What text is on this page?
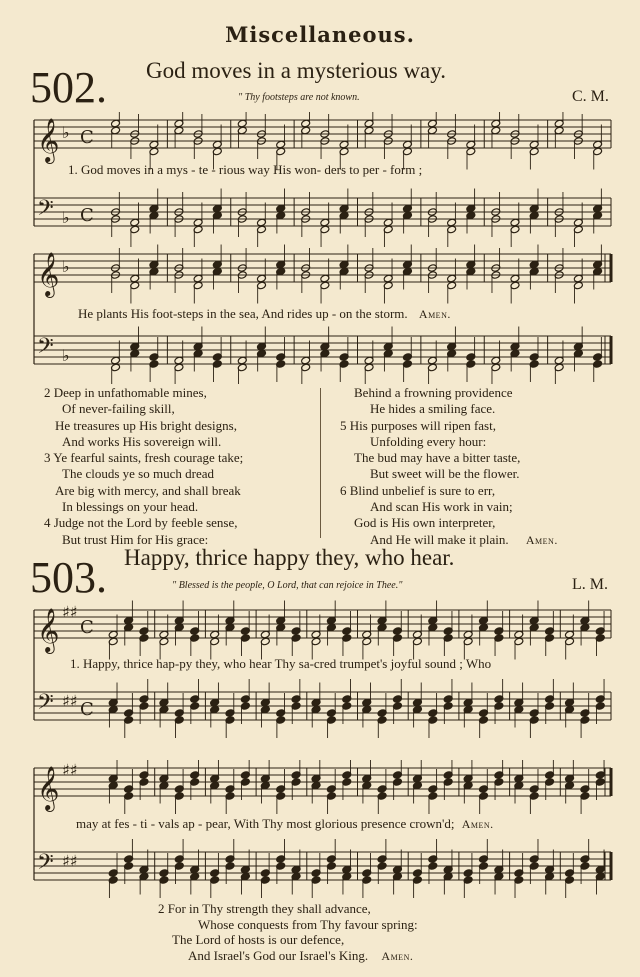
Miscellaneous.
502. God moves in a mysterious way.
" Thy footsteps are not known.	C. M.
𝄞 ♭ C
𝄢 ♭ C
1. God moves in a mys - te - rious way His won- ders to per - form ;
𝄞 ♭
𝄢 ♭
He plants His foot-steps in the sea, And rides up - on the storm. Amen.
2 Deep in unfathomable mines,
Of never-failing skill,
He treasures up His bright designs,
And works His sovereign will.
3 Ye fearful saints, fresh courage take;
The clouds ye so much dread
Are big with mercy, and shall break
In blessings on your head.
4 Judge not the Lord by feeble sense,
But trust Him for His grace:
Behind a frowning providence
He hides a smiling face.
5 His purposes will ripen fast,
Unfolding every hour:
The bud may have a bitter taste,
But sweet will be the flower.
6 Blind unbelief is sure to err,
And scan His work in vain;
God is His own interpreter,
And He will make it plain. Amen.
503. Happy, thrice happy they, who hear.
" Blessed is the people, O Lord, that can rejoice in Thee."	L. M.
𝄞 ♯♯
C
𝄢 ♯♯ C
1. Happy, thrice hap-py they, who hear Thy sa-cred trumpet's joyful sound ; Who
𝄞 ♯♯
𝄢 ♯♯
may at fes - ti - vals ap - pear, With Thy most glorious presence crown'd; Amen.
2 For in Thy strength they shall advance,
Whose conquests from Thy favour spring:
The Lord of hosts is our defence,
And Israel's God our Israel's King. Amen.
